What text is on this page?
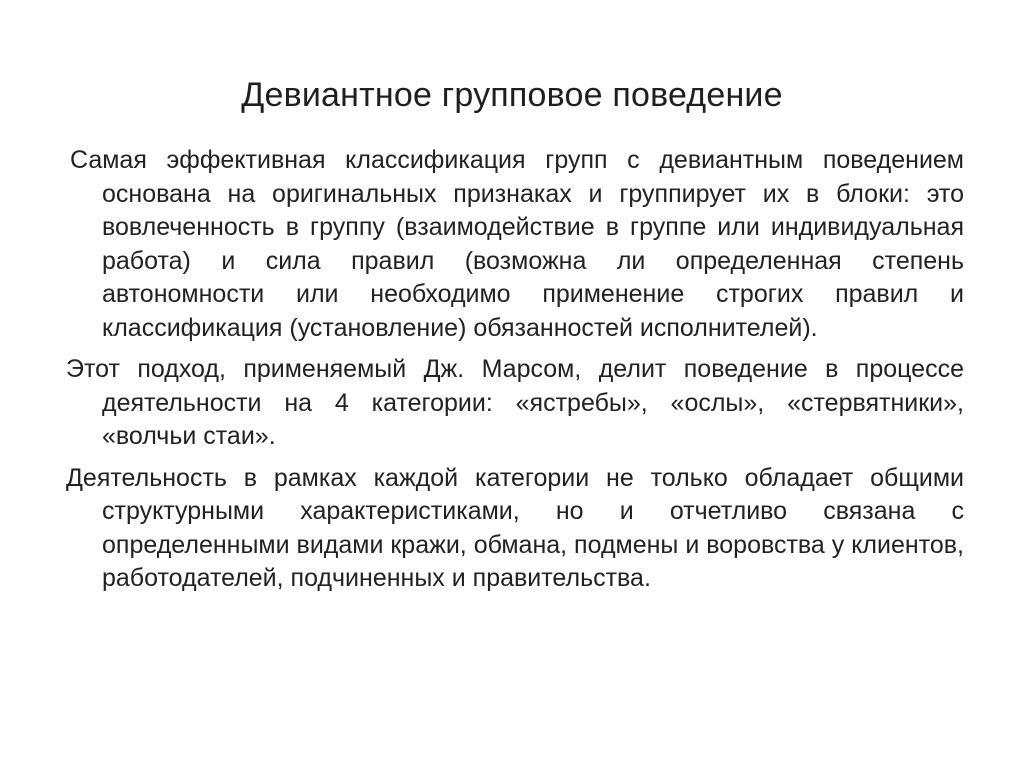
Девиантное групповое поведение

Самая эффективная классификация групп с девиантным поведением основана на оригинальных признаках и группирует их в блоки: это вовлеченность в группу (взаимодействие в группе или индивидуальная работа) и сила правил (возможна ли определенная степень автономности или необходимо применение строгих правил и классификация (установление) обязанностей исполнителей).

Этот подход, применяемый Дж. Марсом, делит поведение в процессе деятельности на 4 категории: «ястребы», «ослы», «стервятники», «волчьи стаи».

Деятельность в рамках каждой категории не только обладает общими структурными характеристиками, но и отчетливо связана с определенными видами кражи, обмана, подмены и воровства у клиентов, работодателей, подчиненных и правительства.
